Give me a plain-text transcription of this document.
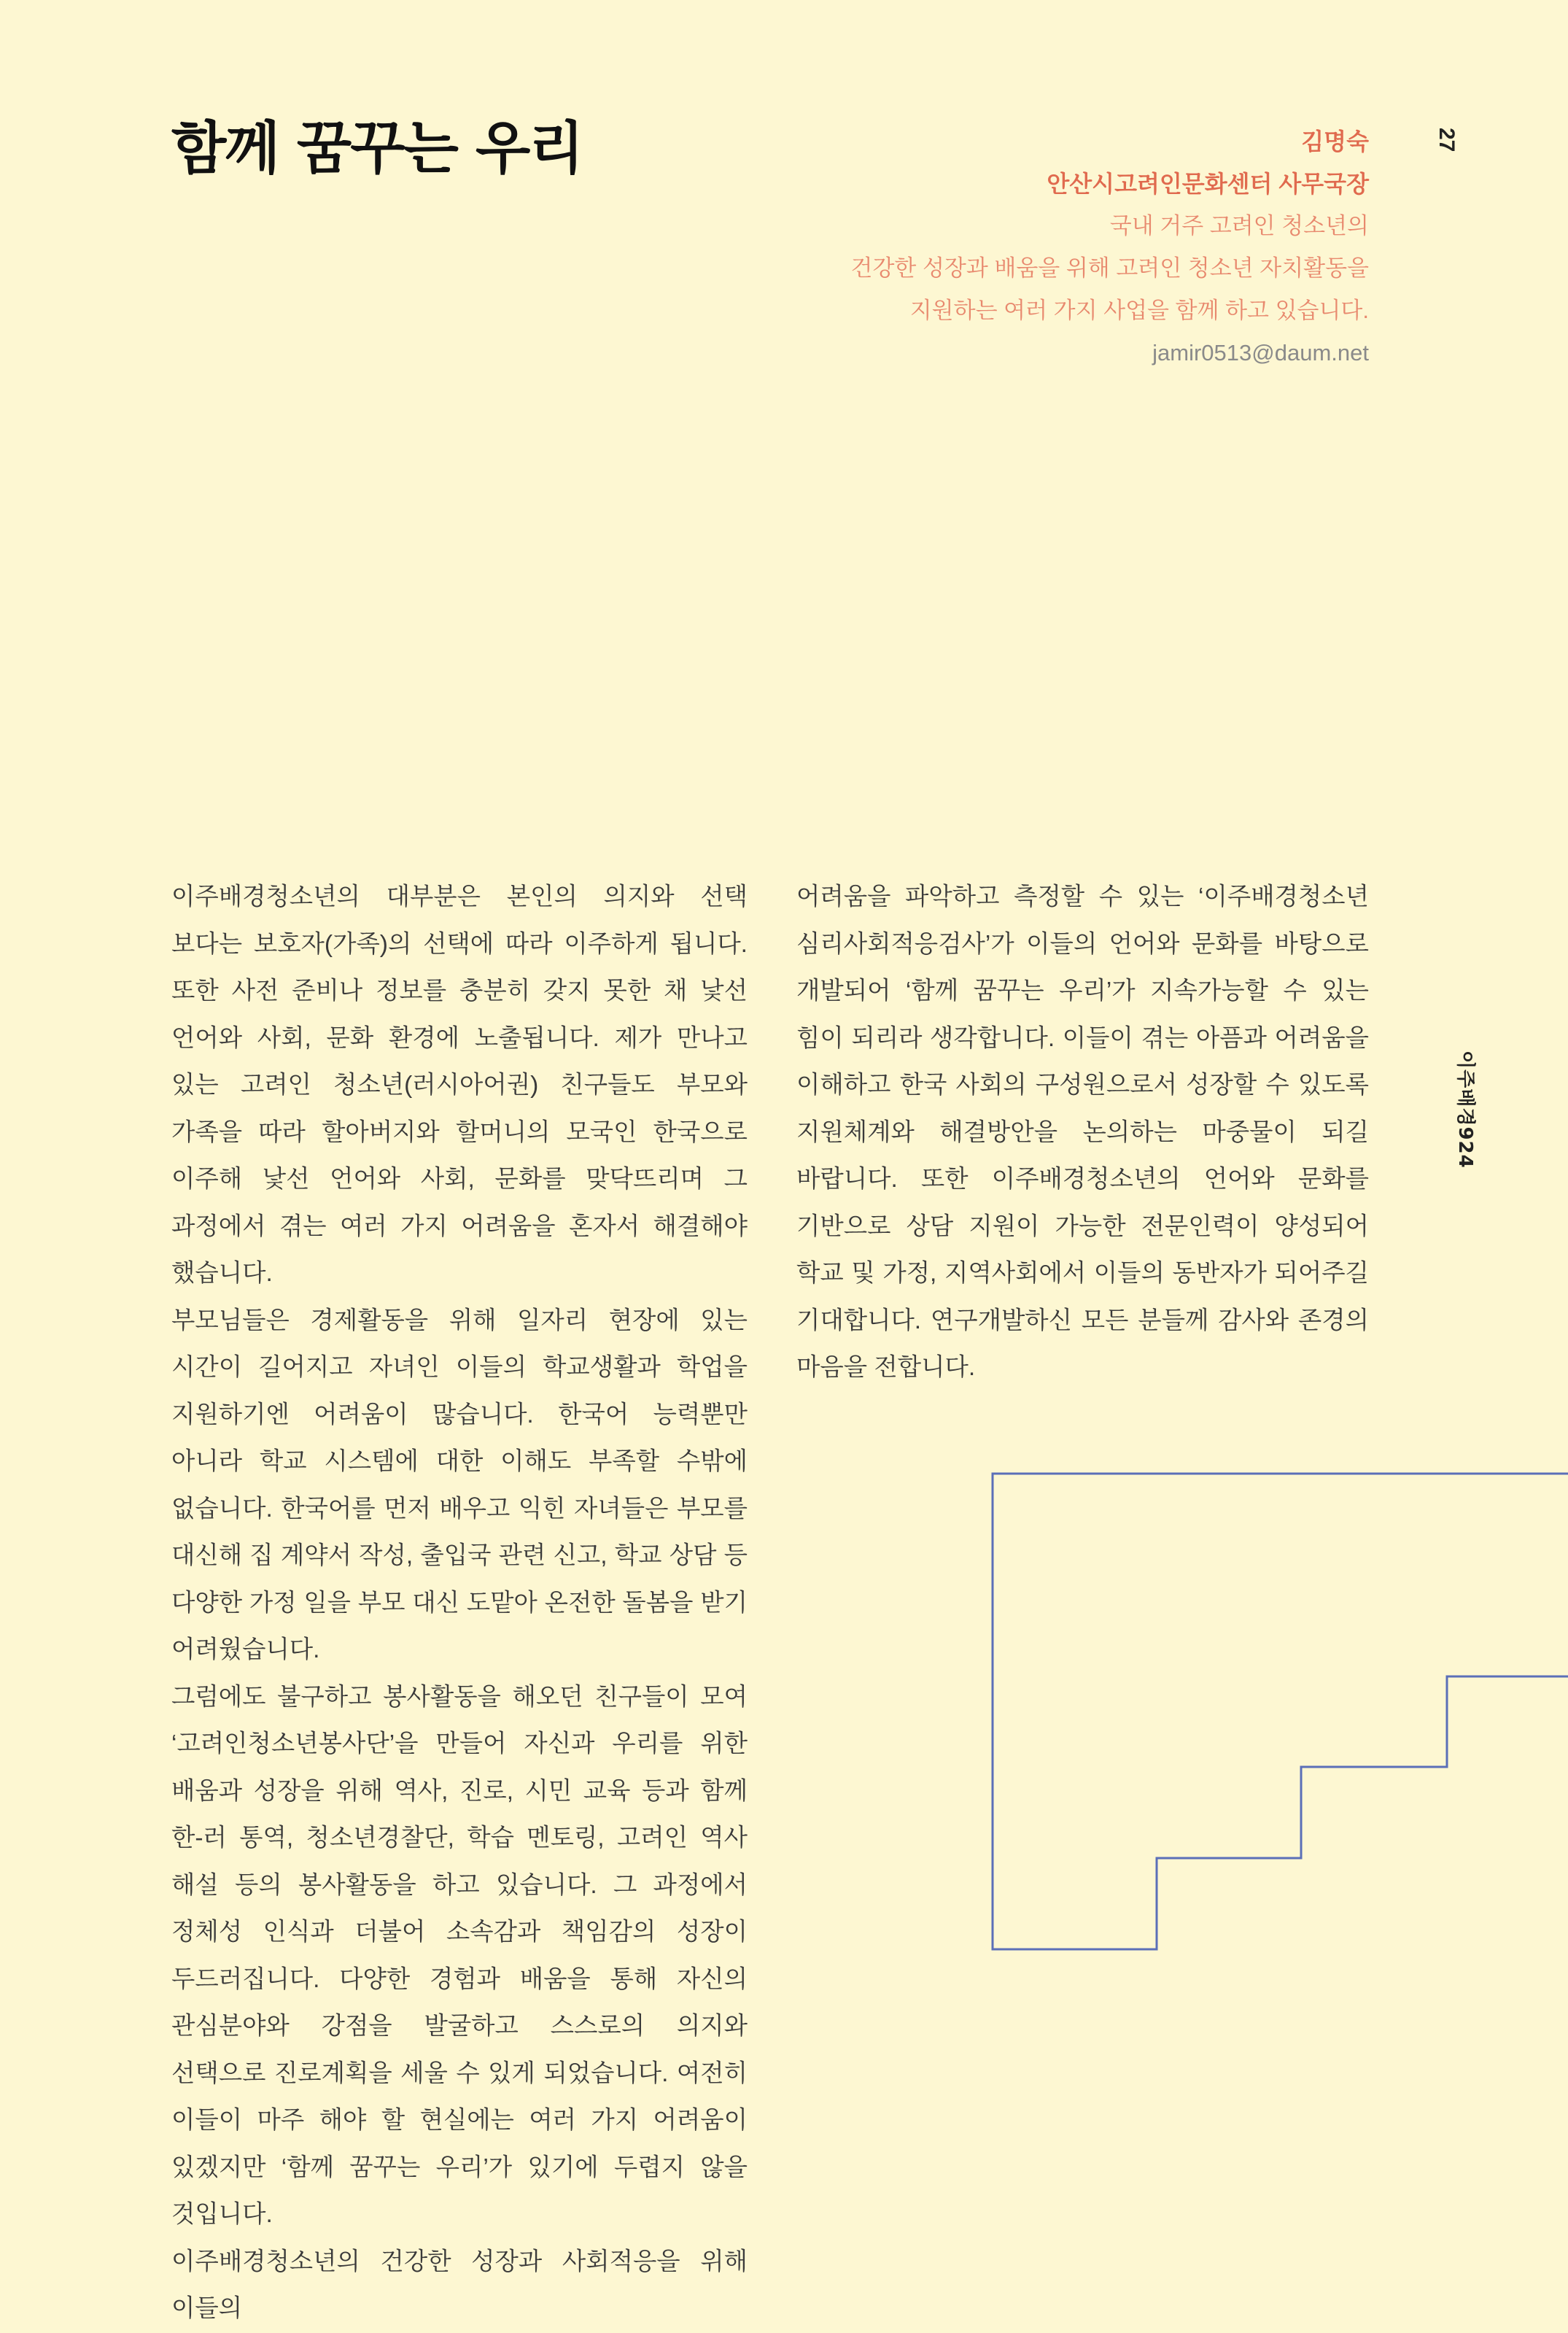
함께 꿈꾸는 우리	김명숙
안산시고려인문화센터 사무국장
국내 거주 고려인 청소년의
건강한 성장과 배움을 위해 고려인 청소년 자치활동을
지원하는 여러 가지 사업을 함께 하고 있습니다.
jamir0513@daum.net
27
이주배경924

이주배경청소년의 대부분은 본인의 의지와 선택 보다는 보호자(가족)의 선택에 따라 이주하게 됩니다. 또한 사전 준비나 정보를 충분히 갖지 못한 채 낯선 언어와 사회, 문화 환경에 노출됩니다. 제가 만나고 있는 고려인 청소년(러시아어권) 친구들도 부모와 가족을 따라 할아버지와 할머니의 모국인 한국으로 이주해 낯선 언어와 사회, 문화를 맞닥뜨리며 그 과정에서 겪는 여러 가지 어려움을 혼자서 해결해야 했습니다.

부모님들은 경제활동을 위해 일자리 현장에 있는 시간이 길어지고 자녀인 이들의 학교생활과 학업을 지원하기엔 어려움이 많습니다. 한국어 능력뿐만 아니라 학교 시스템에 대한 이해도 부족할 수밖에 없습니다. 한국어를 먼저 배우고 익힌 자녀들은 부모를 대신해 집 계약서 작성, 출입국 관련 신고, 학교 상담 등 다양한 가정 일을 부모 대신 도맡아 온전한 돌봄을 받기 어려웠습니다.

그럼에도 불구하고 봉사활동을 해오던 친구들이 모여 ‘고려인청소년봉사단’을 만들어 자신과 우리를 위한 배움과 성장을 위해 역사, 진로, 시민 교육 등과 함께 한-러 통역, 청소년경찰단, 학습 멘토링, 고려인 역사 해설 등의 봉사활동을 하고 있습니다. 그 과정에서 정체성 인식과 더불어 소속감과 책임감의 성장이 두드러집니다. 다양한 경험과 배움을 통해 자신의 관심분야와 강점을 발굴하고 스스로의 의지와 선택으로 진로계획을 세울 수 있게 되었습니다. 여전히 이들이 마주 해야 할 현실에는 여러 가지 어려움이 있겠지만 ‘함께 꿈꾸는 우리’가 있기에 두렵지 않을 것입니다.

이주배경청소년의 건강한 성장과 사회적응을 위해 이들의

어려움을 파악하고 측정할 수 있는 ‘이주배경청소년 심리사회적응검사’가 이들의 언어와 문화를 바탕으로 개발되어 ‘함께 꿈꾸는 우리’가 지속가능할 수 있는 힘이 되리라 생각합니다. 이들이 겪는 아픔과 어려움을 이해하고 한국 사회의 구성원으로서 성장할 수 있도록 지원체계와 해결방안을 논의하는 마중물이 되길 바랍니다. 또한 이주배경청소년의 언어와 문화를 기반으로 상담 지원이 가능한 전문인력이 양성되어 학교 및 가정, 지역사회에서 이들의 동반자가 되어주길 기대합니다. 연구개발하신 모든 분들께 감사와 존경의 마음을 전합니다.
